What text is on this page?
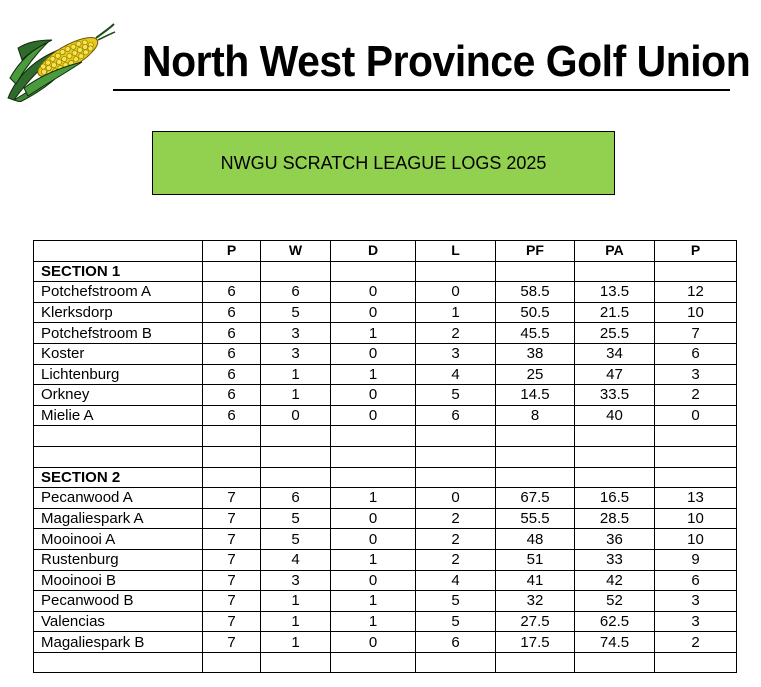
North West Province Golf Union
NWGU SCRATCH LEAGUE LOGS 2025
	P	W	D	L	PF	PA	P
SECTION 1							
Potchefstroom A	6	6	0	0	58.5	13.5	12
Klerksdorp	6	5	0	1	50.5	21.5	10
Potchefstroom B	6	3	1	2	45.5	25.5	7
Koster	6	3	0	3	38	34	6
Lichtenburg	6	1	1	4	25	47	3
Orkney	6	1	0	5	14.5	33.5	2
Mielie A	6	0	0	6	8	40	0

SECTION 2							
Pecanwood A	7	6	1	0	67.5	16.5	13
Magaliespark A	7	5	0	2	55.5	28.5	10
Mooinooi A	7	5	0	2	48	36	10
Rustenburg	7	4	1	2	51	33	9
Mooinooi B	7	3	0	4	41	42	6
Pecanwood B	7	1	1	5	32	52	3
Valencias	7	1	1	5	27.5	62.5	3
Magaliespark B	7	1	0	6	17.5	74.5	2
